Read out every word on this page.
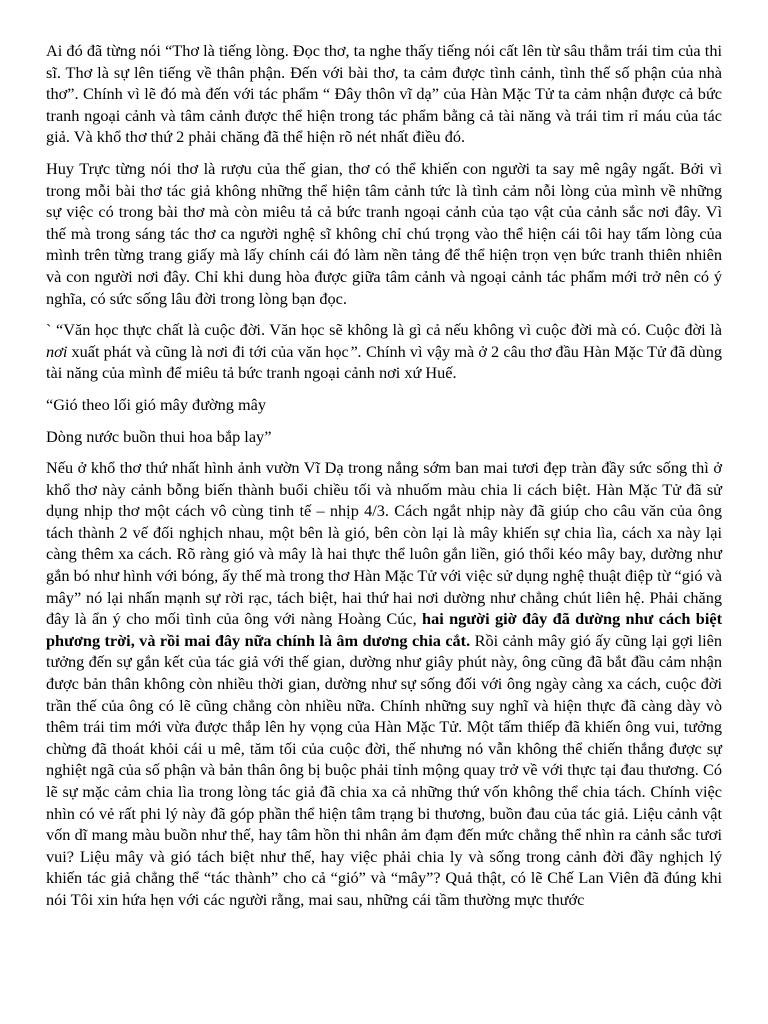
Ai đó đã từng nói “Thơ là tiếng lòng. Đọc thơ, ta nghe thấy tiếng nói cất lên từ sâu thẳm trái tim của thi sĩ. Thơ là sự lên tiếng về thân phận. Đến với bài thơ, ta cảm được tình cảnh, tình thế số phận của nhà thơ”. Chính vì lẽ đó mà đến với tác phẩm “ Đây thôn vĩ dạ” của Hàn Mặc Tử ta cảm nhận được cả bức tranh ngoại cảnh và tâm cảnh được thể hiện trong tác phẩm bằng cả tài năng và trái tim rỉ máu của tác giả. Và khổ thơ thứ 2 phải chăng đã thể hiện rõ nét nhất điều đó.

Huy Trực từng nói thơ là rượu của thế gian, thơ có thể khiến con người ta say mê ngây ngất. Bởi vì trong mỗi bài thơ tác giả không những thể hiện tâm cảnh tức là tình cảm nỗi lòng của mình về những sự việc có trong bài thơ mà còn miêu tả cả bức tranh ngoại cảnh của tạo vật của cảnh sắc nơi đây. Vì thế mà trong sáng tác thơ ca người nghệ sĩ không chỉ chú trọng vào thể hiện cái tôi hay tấm lòng của mình trên từng trang giấy mà lấy chính cái đó làm nền tảng để thể hiện trọn vẹn bức tranh thiên nhiên và con người nơi đây. Chỉ khi dung hòa được giữa tâm cảnh và ngoại cảnh tác phẩm mới trở nên có ý nghĩa, có sức sống lâu đời trong lòng bạn đọc.

` “Văn học thực chất là cuộc đời. Văn học sẽ không là gì cả nếu không vì cuộc đời mà có. Cuộc đời là nơi xuất phát và cũng là nơi đi tới của văn học”. Chính vì vậy mà ở 2 câu thơ đầu Hàn Mặc Tử đã dùng tài năng của mình để miêu tả bức tranh ngoại cảnh nơi xứ Huế.

“Gió theo lối gió mây đường mây

Dòng nước buồn thui hoa bắp lay”

Nếu ở khổ thơ thứ nhất hình ảnh vườn Vĩ Dạ trong nắng sớm ban mai tươi đẹp tràn đầy sức sống thì ở khổ thơ này cảnh bỗng biến thành buổi chiều tối và nhuốm màu chia li cách biệt. Hàn Mặc Tử đã sử dụng nhịp thơ một cách vô cùng tinh tế – nhịp 4/3. Cách ngắt nhịp này đã giúp cho câu văn của ông tách thành 2 vế đối nghịch nhau, một bên là gió, bên còn lại là mây khiến sự chia lìa, cách xa này lại càng thêm xa cách. Rõ ràng gió và mây là hai thực thể luôn gắn liền, gió thổi kéo mây bay, dường như gắn bó như hình với bóng, ấy thế mà trong thơ Hàn Mặc Tử với việc sử dụng nghệ thuật điệp từ “gió và mây” nó lại nhấn mạnh sự rời rạc, tách biệt, hai thứ hai nơi dường như chẳng chút liên hệ. Phải chăng đây là ẩn ý cho mối tình của ông với nàng Hoàng Cúc, hai người giờ đây đã dường như cách biệt phương trời, và rồi mai đây nữa chính là âm dương chia cắt. Rồi cảnh mây gió ấy cũng lại gợi liên tưởng đến sự gắn kết của tác giả với thế gian, dường như giây phút này, ông cũng đã bắt đầu cảm nhận được bản thân không còn nhiều thời gian, dường như sự sống đối với ông ngày càng xa cách, cuộc đời trần thế của ông có lẽ cũng chẳng còn nhiều nữa. Chính những suy nghĩ và hiện thực đã càng dày vò thêm trái tim mới vừa được thắp lên hy vọng của Hàn Mặc Tử. Một tấm thiếp đã khiến ông vui, tưởng chừng đã thoát khỏi cái u mê, tăm tối của cuộc đời, thế nhưng nó vẫn không thể chiến thắng được sự nghiệt ngã của số phận và bản thân ông bị buộc phải tỉnh mộng quay trở về với thực tại đau thương. Có lẽ sự mặc cảm chia lìa trong lòng tác giả đã chia xa cả những thứ vốn không thể chia tách. Chính việc nhìn có vẻ rất phi lý này đã góp phần thể hiện tâm trạng bi thương, buồn đau của tác giả. Liệu cảnh vật vốn dĩ mang màu buồn như thế, hay tâm hồn thi nhân ảm đạm đến mức chẳng thể nhìn ra cảnh sắc tươi vui? Liệu mây và gió tách biệt như thế, hay việc phải chia ly và sống trong cảnh đời đầy nghịch lý khiến tác giả chẳng thể “tác thành” cho cả “gió” và “mây”? Quả thật, có lẽ Chế Lan Viên đã đúng khi nói Tôi xin hứa hẹn với các người rằng, mai sau, những cái tầm thường mực thước
